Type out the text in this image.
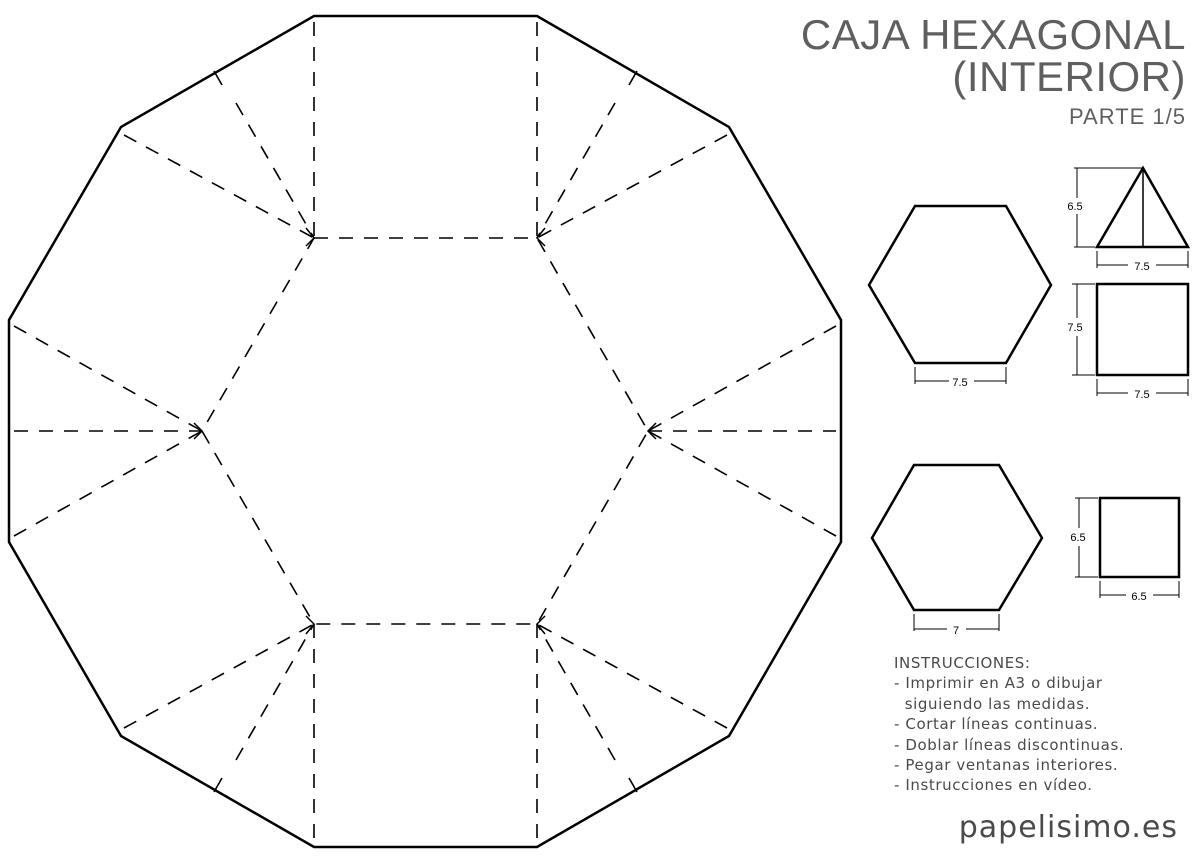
7.5
6.5
7.5
7.5
7.5
7
6.5
6.5
CAJA HEXAGONAL
(INTERIOR)
PARTE 1/5
INSTRUCCIONES:
- Imprimir en A3 o dibujar
siguiendo las medidas.
- Cortar líneas continuas.
- Doblar líneas discontinuas.
- Pegar ventanas interiores.
- Instrucciones en vídeo.
papelisimo.es
